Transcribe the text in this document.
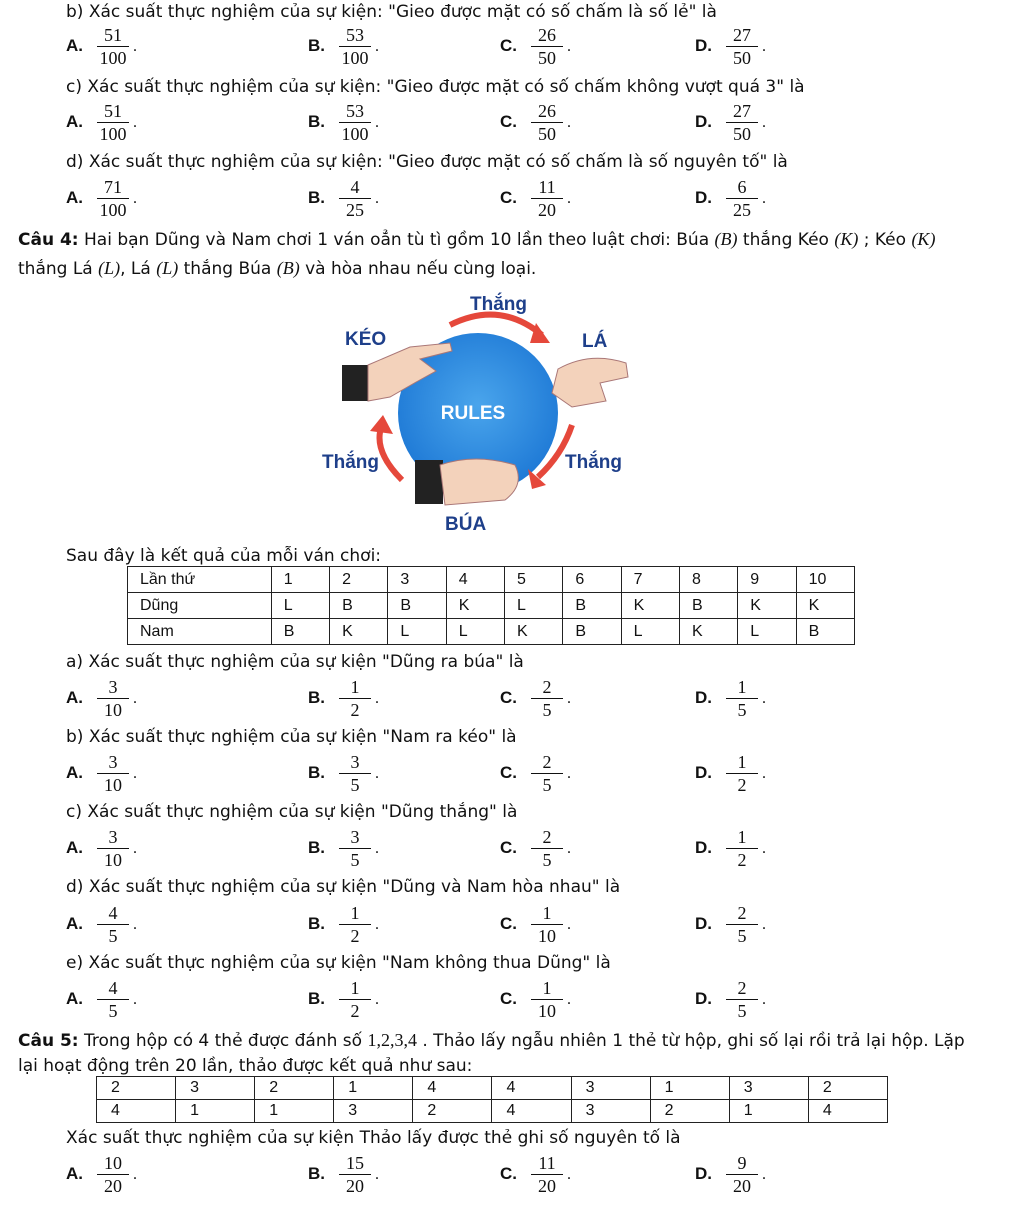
b) Xác suất thực nghiệm của sự kiện: "Gieo được mặt có số chấm là số lẻ" là
A.
51
100
.	B.
53
100
.	C.
26
50
.	D.
27
50
.
c) Xác suất thực nghiệm của sự kiện: "Gieo được mặt có số chấm không vượt quá 3" là
A.
51
100
.	B.
53
100
.	C.
26
50
.	D.
27
50
.
d) Xác suất thực nghiệm của sự kiện: "Gieo được mặt có số chấm là số nguyên tố" là
A.
71
100
.	B.
4
25
.	C.
11
20
.	D.
6
25
.
Câu 4: Hai bạn Dũng và Nam chơi 1 ván oẳn tù tì gồm 10 lần theo luật chơi: Búa (B) thắng Kéo (K) ; Kéo (K)
thắng Lá (L), Lá (L) thắng Búa (B) và hòa nhau nếu cùng loại.
RULES
KÉO	LÁ
BÚA
Thắng
Thắng	Thắng
Sau đây là kết quả của mỗi ván chơi:
Lần thứ	1	2	3	4	5	6	7	8	9	10
Dũng	L	B	B	K	L	B	K	B	K	K
Nam	B	K	L	L	K	B	L	K	L	B
a) Xác suất thực nghiệm của sự kiện "Dũng ra búa" là
A.
3
10
.	B.
1
2
.	C.
2
5
.	D.
1
5
.
b) Xác suất thực nghiệm của sự kiện "Nam ra kéo" là
A.
3
10
.	B.
3
5
.	C.
2
5
.	D.
1
2
.
c) Xác suất thực nghiệm của sự kiện "Dũng thắng" là
A.
3
10
.	B.
3
5
.	C.
2
5
.	D.
1
2
.
d) Xác suất thực nghiệm của sự kiện "Dũng và Nam hòa nhau" là
A.
4
5
.	B.
1
2
.	C.
1
10
.	D.
2
5
.
e) Xác suất thực nghiệm của sự kiện "Nam không thua Dũng" là
A.
4
5
.	B.
1
2
.	C.
1
10
.	D.
2
5
.
Câu 5: Trong hộp có 4 thẻ được đánh số 1,2,3,4 . Thảo lấy ngẫu nhiên 1 thẻ từ hộp, ghi số lại rồi trả lại hộp. Lặp
lại hoạt động trên 20 lần, thảo được kết quả như sau:
2	3	2	1	4	4	3	1	3	2
4	1	1	3	2	4	3	2	1	4
Xác suất thực nghiệm của sự kiện Thảo lấy được thẻ ghi số nguyên tố là
A.
10
20
.	B.
15
20
.	C.
11
20
.	D.
9
20
.
